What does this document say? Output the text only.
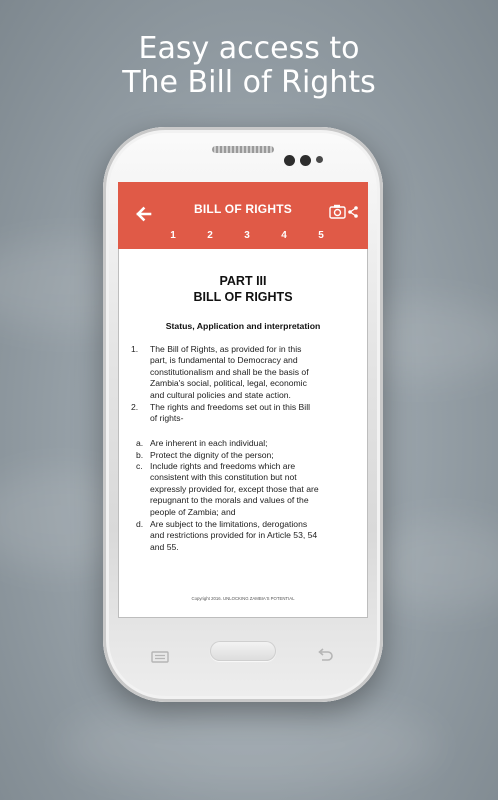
Easy access to
The Bill of Rights
BILL OF RIGHTS
1	2	3	4	5
PART III
BILL OF RIGHTS
Status, Application and interpretation
1. The Bill of Rights, as provided for in this
part, is fundamental to Democracy and
constitutionalism and shall be the basis of
Zambia's social, political, legal, economic
and cultural policies and state action.
2. The rights and freedoms set out in this Bill
of rights-
a. Are inherent in each individual;
b. Protect the dignity of the person;
c. Include rights and freedoms which are
consistent with this constitution but not
expressly provided for, except those that are
repugnant to the morals and values of the
people of Zambia; and
d. Are subject to the limitations, derogations
and restrictions provided for in Article 53, 54
and 55.
Copyright 2016. UNLOCKING ZAMBIA'S POTENTIAL
